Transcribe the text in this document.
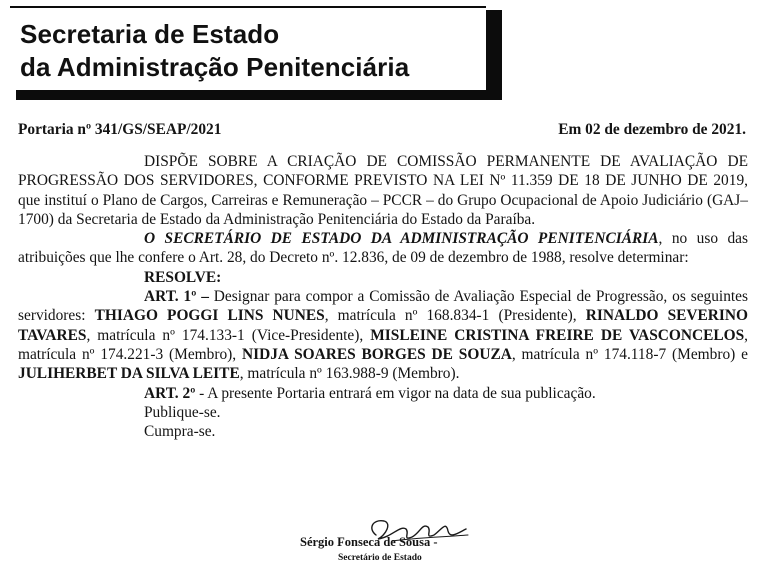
Secretaria de Estado
da Administração Penitenciária
Portaria nº 341/GS/SEAP/2021	Em 02 de dezembro de 2021.

DISPÕE SOBRE A CRIAÇÃO DE COMISSÃO PERMANENTE DE AVALIAÇÃO DE PROGRESSÃO DOS SERVIDORES, CONFORME PREVISTO NA LEI Nº 11.359 DE 18 DE JUNHO DE 2019, que instituí o Plano de Cargos, Carreiras e Remuneração – PCCR – do Grupo Ocupacional de Apoio Judiciário (GAJ–1700) da Secretaria de Estado da Administração Penitenciária do Estado da Paraíba.

O SECRETÁRIO DE ESTADO DA ADMINISTRAÇÃO PENITENCIÁRIA, no uso das atribuições que lhe confere o Art. 28, do Decreto nº. 12.836, de 09 de dezembro de 1988, resolve determinar:

RESOLVE:

ART. 1º – Designar para compor a Comissão de Avaliação Especial de Progressão, os seguintes servidores: THIAGO POGGI LINS NUNES, matrícula nº 168.834-1 (Presidente), RINALDO SEVERINO TAVARES, matrícula nº 174.133-1 (Vice-Presidente), MISLEINE CRISTINA FREIRE DE VASCONCELOS, matrícula nº 174.221-3 (Membro), NIDJA SOARES BORGES DE SOUZA, matrícula nº 174.118-7 (Membro) e JULIHERBET DA SILVA LEITE, matrícula nº 163.988-9 (Membro).

ART. 2º - A presente Portaria entrará em vigor na data de sua publicação.

Publique-se.

Cumpra-se.

Sérgio Fonseca de Sousa -
Secretário de Estado
